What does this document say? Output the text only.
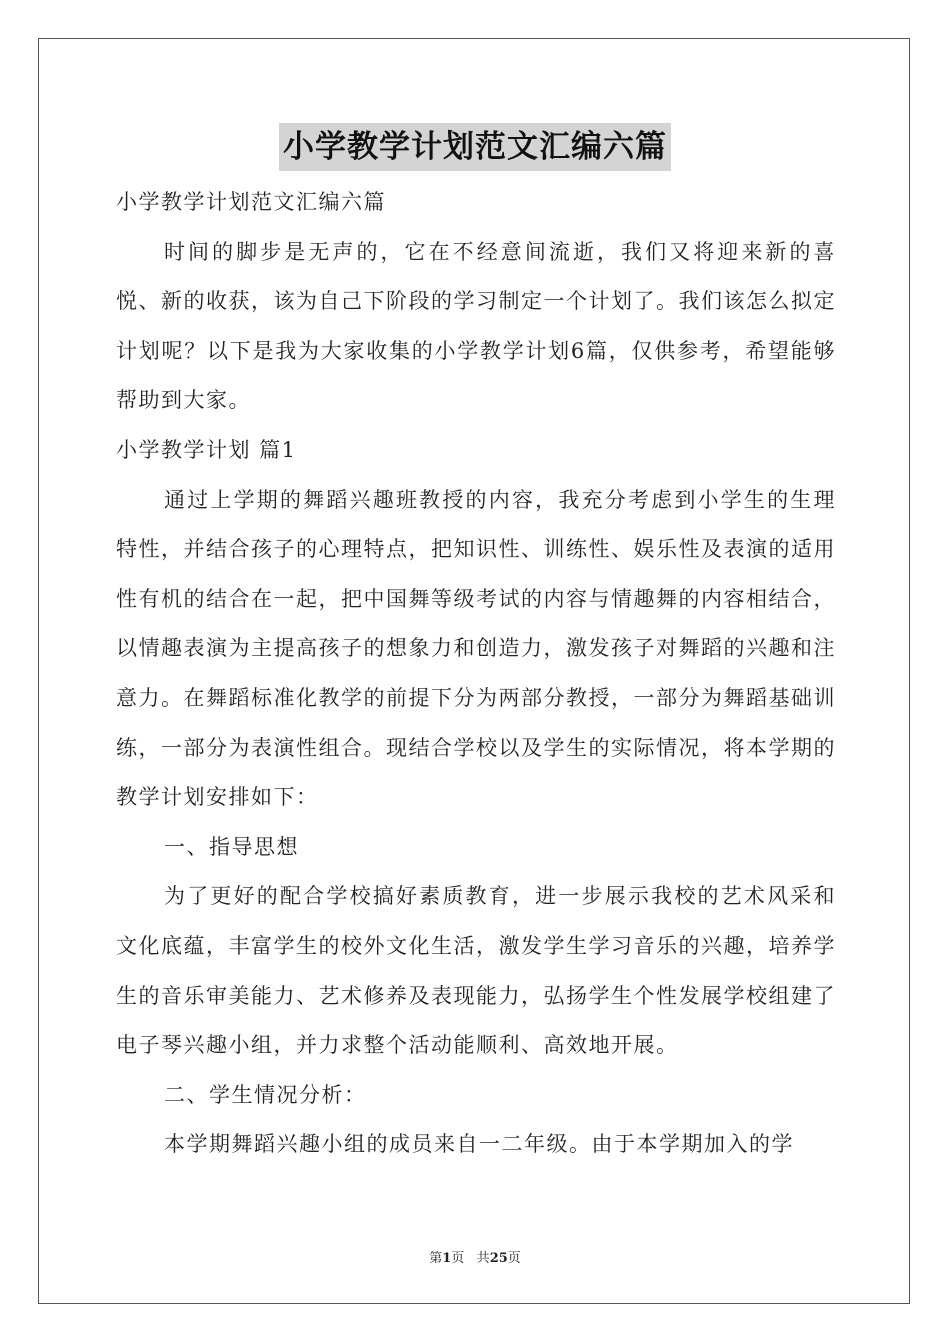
小学教学计划范文汇编六篇

小学教学计划范文汇编六篇

时间的脚步是无声的，它在不经意间流逝，我们又将迎来新的喜悦、新的收获，该为自己下阶段的学习制定一个计划了。我们该怎么拟定计划呢？以下是我为大家收集的小学教学计划6篇，仅供参考，希望能够帮助到大家。

小学教学计划 篇1

通过上学期的舞蹈兴趣班教授的内容，我充分考虑到小学生的生理特性，并结合孩子的心理特点，把知识性、训练性、娱乐性及表演的适用性有机的结合在一起，把中国舞等级考试的内容与情趣舞的内容相结合，以情趣表演为主提高孩子的想象力和创造力，激发孩子对舞蹈的兴趣和注意力。在舞蹈标准化教学的前提下分为两部分教授，一部分为舞蹈基础训练，一部分为表演性组合。现结合学校以及学生的实际情况，将本学期的教学计划安排如下：

一、指导思想

为了更好的配合学校搞好素质教育，进一步展示我校的艺术风采和文化底蕴，丰富学生的校外文化生活，激发学生学习音乐的兴趣，培养学生的音乐审美能力、艺术修养及表现能力，弘扬学生个性发展学校组建了电子琴兴趣小组，并力求整个活动能顺利、高效地开展。

二、学生情况分析：

本学期舞蹈兴趣小组的成员来自一二年级。由于本学期加入的学

第1页 共25页
